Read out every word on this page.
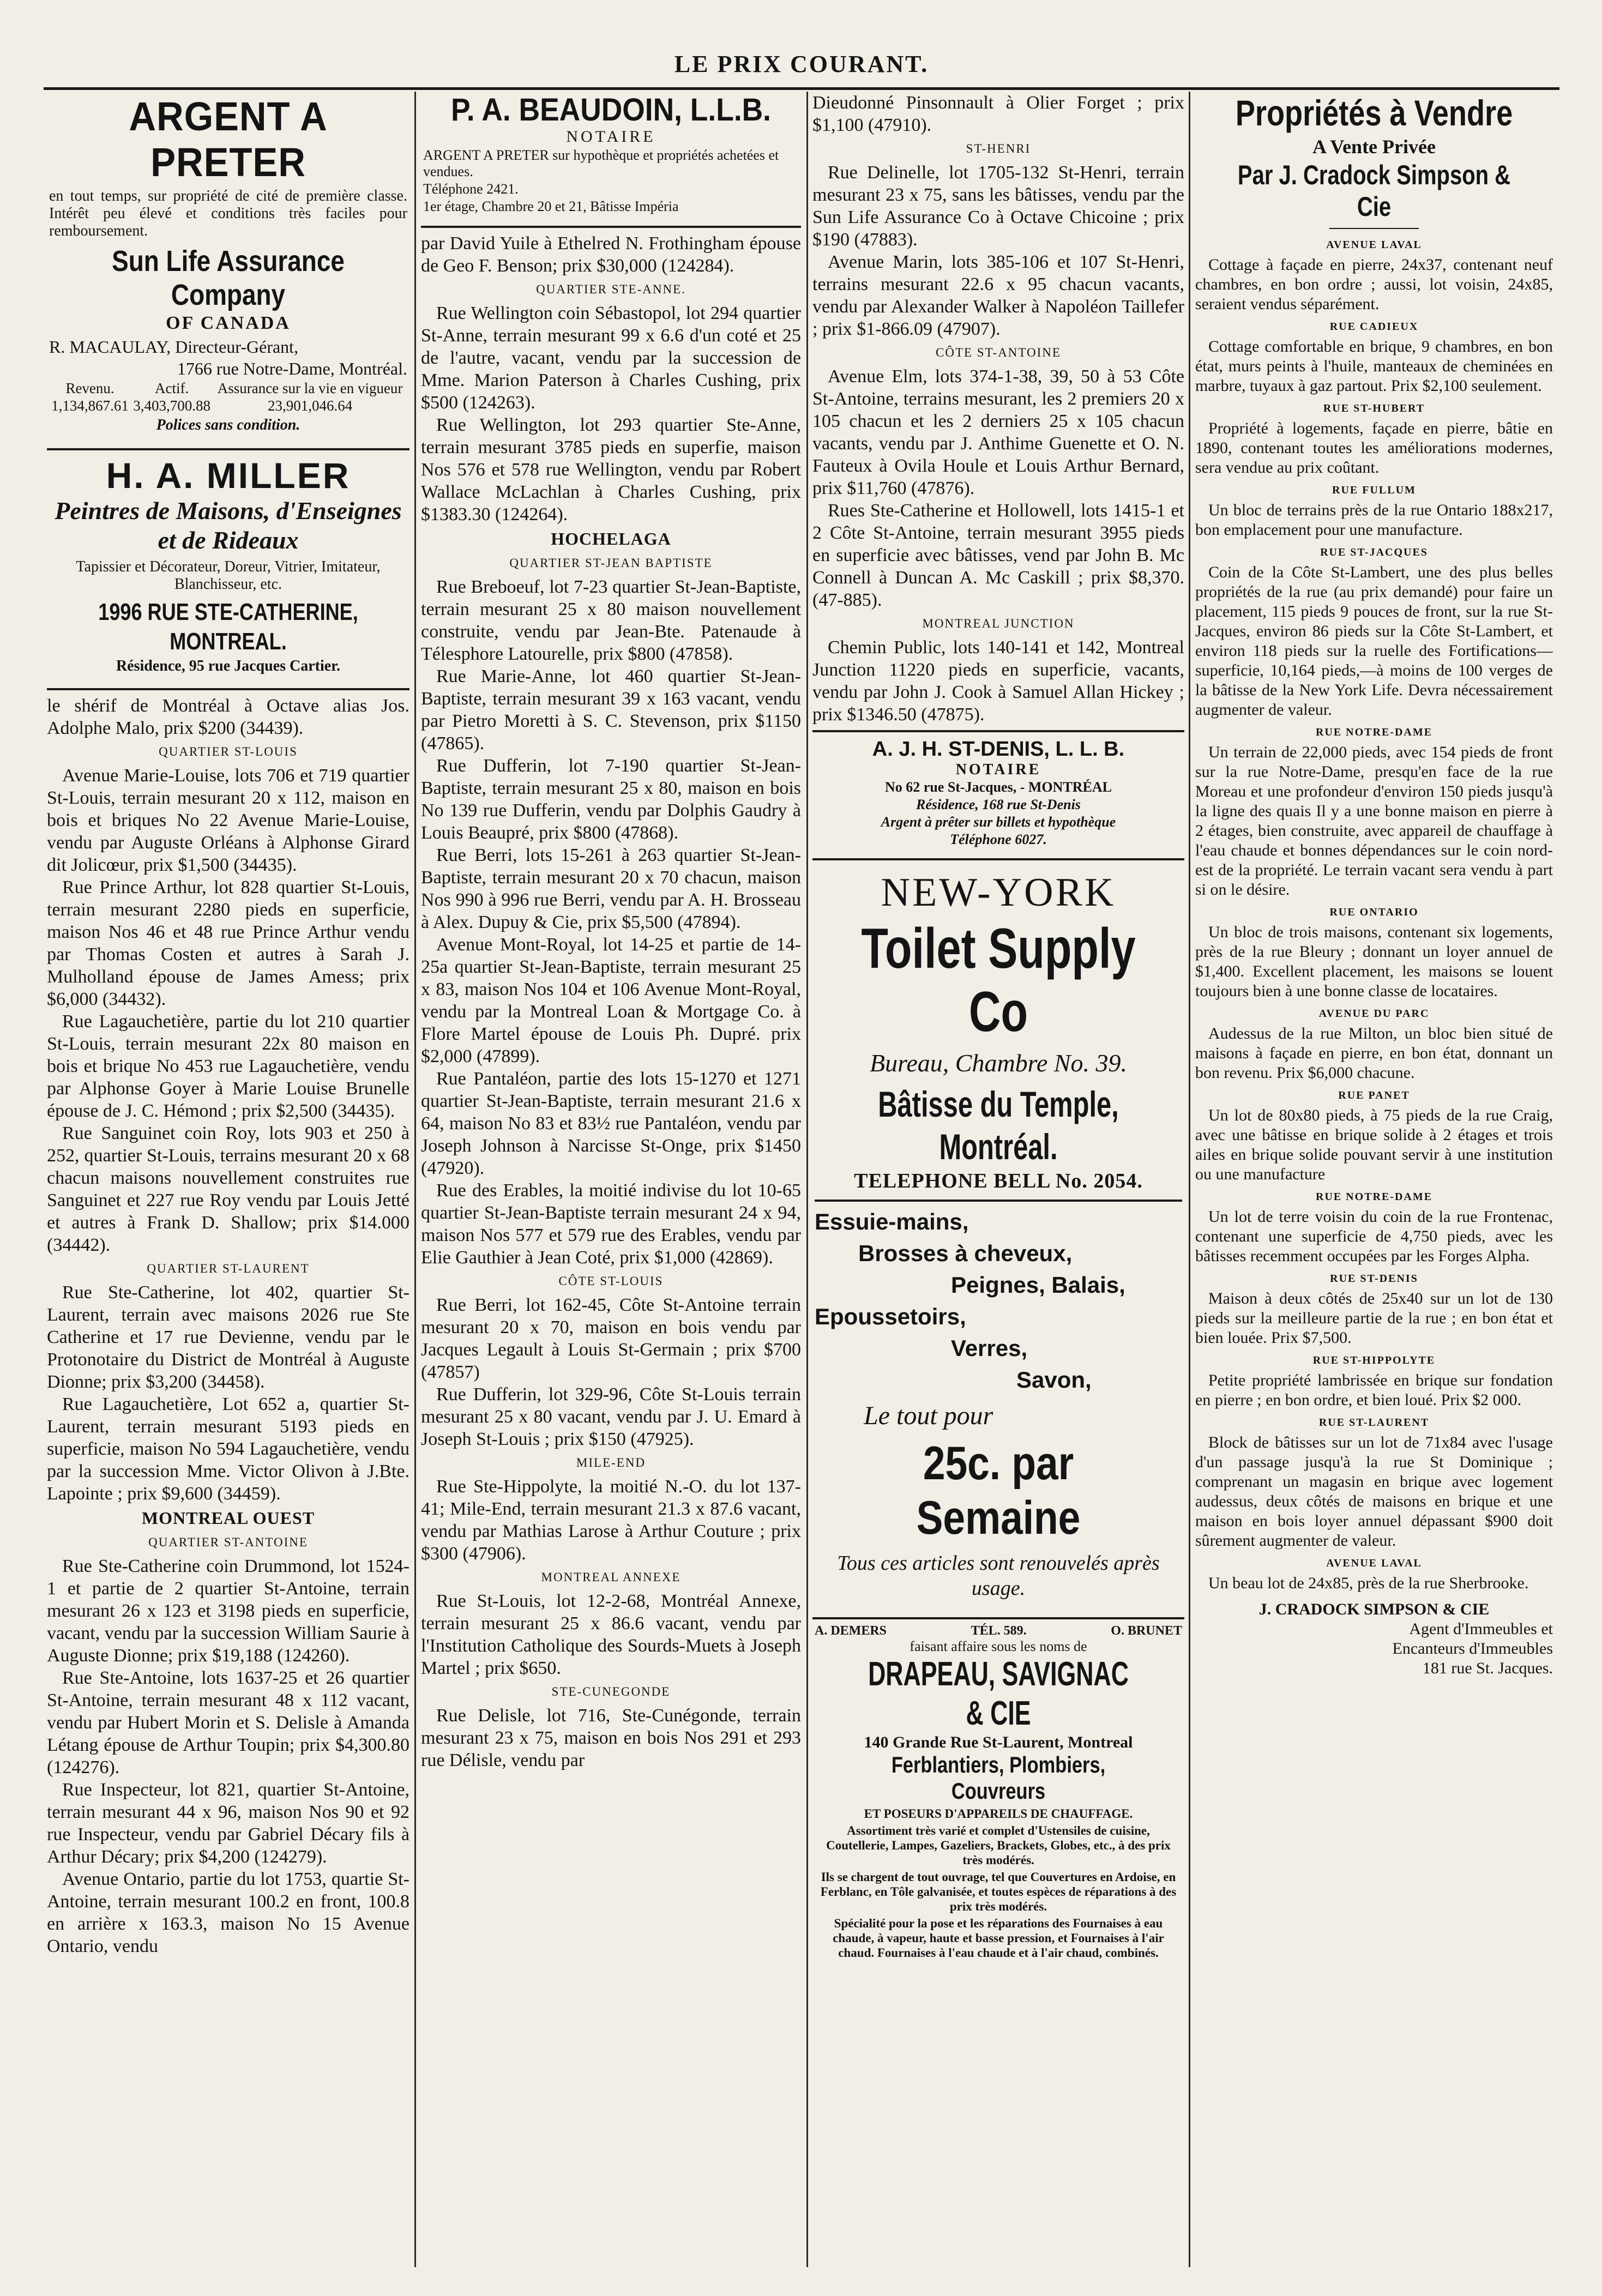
LE PRIX COURANT.
ARGENT A PRETER
en tout temps, sur propriété de cité de première classe. Intérêt peu élevé et conditions très faciles pour remboursement.
Sun Life Assurance Company
OF CANADA
R. MACAULAY, Directeur-Gérant,
1766 rue Notre-Dame, Montréal.
Revenu.	Actif.	Assurance sur la vie en vigueur
1,134,867.61	3,403,700.88	23,901,046.64
Polices sans condition.
H. A. MILLER
Peintres de Maisons, d'Enseignes et de Rideaux
Tapissier et Décorateur, Doreur, Vitrier, Imitateur, Blanchisseur, etc.
1996 RUE STE-CATHERINE, MONTREAL.
Résidence, 95 rue Jacques Cartier.

le shérif de Montréal à Octave alias Jos. Adolphe Malo, prix $200 (34439).

QUARTIER ST-LOUIS

Avenue Marie-Louise, lots 706 et 719 quartier St-Louis, terrain mesurant 20 x 112, maison en bois et briques No 22 Avenue Marie-Louise, vendu par Auguste Orléans à Alphonse Girard dit Jolicœur, prix $1,500 (34435).

Rue Prince Arthur, lot 828 quartier St-Louis, terrain mesurant 2280 pieds en superficie, maison Nos 46 et 48 rue Prince Arthur vendu par Thomas Costen et autres à Sarah J. Mulholland épouse de James Amess; prix $6,000 (34432).

Rue Lagauchetière, partie du lot 210 quartier St-Louis, terrain mesurant 22x 80 maison en bois et brique No 453 rue Lagauchetière, vendu par Alphonse Goyer à Marie Louise Brunelle épouse de J. C. Hémond ; prix $2,500 (34435).

Rue Sanguinet coin Roy, lots 903 et 250 à 252, quartier St-Louis, terrains mesurant 20 x 68 chacun maisons nouvellement construites rue Sanguinet et 227 rue Roy vendu par Louis Jetté et autres à Frank D. Shallow; prix $14.000 (34442).

QUARTIER ST-LAURENT

Rue Ste-Catherine, lot 402, quartier St-Laurent, terrain avec maisons 2026 rue Ste Catherine et 17 rue Devienne, vendu par le Protonotaire du District de Montréal à Auguste Dionne; prix $3,200 (34458).

Rue Lagauchetière, Lot 652 a, quartier St-Laurent, terrain mesurant 5193 pieds en superficie, maison No 594 Lagauchetière, vendu par la succession Mme. Victor Olivon à J.Bte. Lapointe ; prix $9,600 (34459).

MONTREAL OUEST
QUARTIER ST-ANTOINE

Rue Ste-Catherine coin Drummond, lot 1524-1 et partie de 2 quartier St-Antoine, terrain mesurant 26 x 123 et 3198 pieds en superficie, vacant, vendu par la succession William Saurie à Auguste Dionne; prix $19,188 (124260).

Rue Ste-Antoine, lots 1637-25 et 26 quartier St-Antoine, terrain mesurant 48 x 112 vacant, vendu par Hubert Morin et S. Delisle à Amanda Létang épouse de Arthur Toupin; prix $4,300.80 (124276).

Rue Inspecteur, lot 821, quartier St-Antoine, terrain mesurant 44 x 96, maison Nos 90 et 92 rue Inspecteur, vendu par Gabriel Décary fils à Arthur Décary; prix $4,200 (124279).

Avenue Ontario, partie du lot 1753, quartie St-Antoine, terrain mesurant 100.2 en front, 100.8 en arrière x 163.3, maison No 15 Avenue Ontario, vendu

P. A. BEAUDOIN, L.L.B.
NOTAIRE
ARGENT A PRETER sur hypothèque et propriétés achetées et vendues.
Téléphone 2421.
1er étage, Chambre 20 et 21, Bâtisse Impéria

par David Yuile à Ethelred N. Frothingham épouse de Geo F. Benson; prix $30,000 (124284).

QUARTIER STE-ANNE.

Rue Wellington coin Sébastopol, lot 294 quartier St-Anne, terrain mesurant 99 x 6.6 d'un coté et 25 de l'autre, vacant, vendu par la succession de Mme. Marion Paterson à Charles Cushing, prix $500 (124263).

Rue Wellington, lot 293 quartier Ste-Anne, terrain mesurant 3785 pieds en superfie, maison Nos 576 et 578 rue Wellington, vendu par Robert Wallace McLachlan à Charles Cushing, prix $1383.30 (124264).

HOCHELAGA
QUARTIER ST-JEAN BAPTISTE

Rue Breboeuf, lot 7-23 quartier St-Jean-Baptiste, terrain mesurant 25 x 80 maison nouvellement construite, vendu par Jean-Bte. Patenaude à Télesphore Latourelle, prix $800 (47858).

Rue Marie-Anne, lot 460 quartier St-Jean-Baptiste, terrain mesurant 39 x 163 vacant, vendu par Pietro Moretti à S. C. Stevenson, prix $1150 (47865).

Rue Dufferin, lot 7-190 quartier St-Jean-Baptiste, terrain mesurant 25 x 80, maison en bois No 139 rue Dufferin, vendu par Dolphis Gaudry à Louis Beaupré, prix $800 (47868).

Rue Berri, lots 15-261 à 263 quartier St-Jean-Baptiste, terrain mesurant 20 x 70 chacun, maison Nos 990 à 996 rue Berri, vendu par A. H. Brosseau à Alex. Dupuy & Cie, prix $5,500 (47894).

Avenue Mont-Royal, lot 14-25 et partie de 14-25a quartier St-Jean-Baptiste, terrain mesurant 25 x 83, maison Nos 104 et 106 Avenue Mont-Royal, vendu par la Montreal Loan & Mortgage Co. à Flore Martel épouse de Louis Ph. Dupré. prix $2,000 (47899).

Rue Pantaléon, partie des lots 15-1270 et 1271 quartier St-Jean-Baptiste, terrain mesurant 21.6 x 64, maison No 83 et 83½ rue Pantaléon, vendu par Joseph Johnson à Narcisse St-Onge, prix $1450 (47920).

Rue des Erables, la moitié indivise du lot 10-65 quartier St-Jean-Baptiste terrain mesurant 24 x 94, maison Nos 577 et 579 rue des Erables, vendu par Elie Gauthier à Jean Coté, prix $1,000 (42869).

CÔTE ST-LOUIS

Rue Berri, lot 162-45, Côte St-Antoine terrain mesurant 20 x 70, maison en bois vendu par Jacques Legault à Louis St-Germain ; prix $700 (47857)

Rue Dufferin, lot 329-96, Côte St-Louis terrain mesurant 25 x 80 vacant, vendu par J. U. Emard à Joseph St-Louis ; prix $150 (47925).

MILE-END

Rue Ste-Hippolyte, la moitié N.-O. du lot 137-41; Mile-End, terrain mesurant 21.3 x 87.6 vacant, vendu par Mathias Larose à Arthur Couture ; prix $300 (47906).

MONTREAL ANNEXE

Rue St-Louis, lot 12-2-68, Montréal Annexe, terrain mesurant 25 x 86.6 vacant, vendu par l'Institution Catholique des Sourds-Muets à Joseph Martel ; prix $650.

STE-CUNEGONDE

Rue Delisle, lot 716, Ste-Cunégonde, terrain mesurant 23 x 75, maison en bois Nos 291 et 293 rue Délisle, vendu par

Dieudonné Pinsonnault à Olier Forget ; prix $1,100 (47910).

ST-HENRI

Rue Delinelle, lot 1705-132 St-Henri, terrain mesurant 23 x 75, sans les bâtisses, vendu par the Sun Life Assurance Co à Octave Chicoine ; prix $190 (47883).

Avenue Marin, lots 385-106 et 107 St-Henri, terrains mesurant 22.6 x 95 chacun vacants, vendu par Alexander Walker à Napoléon Taillefer ; prix $1-866.09 (47907).

CÔTE ST-ANTOINE

Avenue Elm, lots 374-1-38, 39, 50 à 53 Côte St-Antoine, terrains mesurant, les 2 premiers 20 x 105 chacun et les 2 derniers 25 x 105 chacun vacants, vendu par J. Anthime Guenette et O. N. Fauteux à Ovila Houle et Louis Arthur Bernard, prix $11,760 (47876).

Rues Ste-Catherine et Hollowell, lots 1415-1 et 2 Côte St-Antoine, terrain mesurant 3955 pieds en superficie avec bâtisses, vend par John B. Mc Connell à Duncan A. Mc Caskill ; prix $8,370. (47-885).

MONTREAL JUNCTION

Chemin Public, lots 140-141 et 142, Montreal Junction 11220 pieds en superficie, vacants, vendu par John J. Cook à Samuel Allan Hickey ; prix $1346.50 (47875).

A. J. H. ST-DENIS, L. L. B.
NOTAIRE
No 62 rue St-Jacques, - MONTRÉAL
Résidence, 168 rue St-Denis
Argent à prêter sur billets et hypothèque
Téléphone 6027.
NEW-YORK
Toilet Supply Co
Bureau, Chambre No. 39.
Bâtisse du Temple, Montréal.
TELEPHONE BELL No. 2054.
Essuie-mains,
Brosses à cheveux,
Peignes, Balais,
Epoussetoirs,
Verres,
Savon,
Le tout pour
25c. par Semaine
Tous ces articles sont renouvelés après usage.
A. DEMERS	TÉL. 589.	O. BRUNET
faisant affaire sous les noms de
DRAPEAU, SAVIGNAC & CIE
140 Grande Rue St-Laurent, Montreal
Ferblantiers, Plombiers, Couvreurs
ET POSEURS D'APPAREILS DE CHAUFFAGE.
Assortiment très varié et complet d'Ustensiles de cuisine, Coutellerie, Lampes, Gazeliers, Brackets, Globes, etc., à des prix très modérés.
Ils se chargent de tout ouvrage, tel que Couvertures en Ardoise, en Ferblanc, en Tôle galvanisée, et toutes espèces de réparations à des prix très modérés.
Spécialité pour la pose et les réparations des Fournaises à eau chaude, à vapeur, haute et basse pression, et Fournaises à l'air chaud. Fournaises à l'eau chaude et à l'air chaud, combinés.
Propriétés à Vendre
A Vente Privée
Par J. Cradock Simpson & Cie
AVENUE LAVAL

Cottage à façade en pierre, 24x37, contenant neuf chambres, en bon ordre ; aussi, lot voisin, 24x85, seraient vendus séparément.

RUE CADIEUX

Cottage comfortable en brique, 9 chambres, en bon état, murs peints à l'huile, manteaux de cheminées en marbre, tuyaux à gaz partout. Prix $2,100 seulement.

RUE ST-HUBERT

Propriété à logements, façade en pierre, bâtie en 1890, contenant toutes les améliorations modernes, sera vendue au prix coûtant.

RUE FULLUM

Un bloc de terrains près de la rue Ontario 188x217, bon emplacement pour une manufacture.

RUE ST-JACQUES

Coin de la Côte St-Lambert, une des plus belles propriétés de la rue (au prix demandé) pour faire un placement, 115 pieds 9 pouces de front, sur la rue St-Jacques, environ 86 pieds sur la Côte St-Lambert, et environ 118 pieds sur la ruelle des Fortifications—superficie, 10,164 pieds,—à moins de 100 verges de la bâtisse de la New York Life. Devra nécessairement augmenter de valeur.

RUE NOTRE-DAME

Un terrain de 22,000 pieds, avec 154 pieds de front sur la rue Notre-Dame, presqu'en face de la rue Moreau et une profondeur d'environ 150 pieds jusqu'à la ligne des quais Il y a une bonne maison en pierre à 2 étages, bien construite, avec appareil de chauffage à l'eau chaude et bonnes dépendances sur le coin nord-est de la propriété. Le terrain vacant sera vendu à part si on le désire.

RUE ONTARIO

Un bloc de trois maisons, contenant six logements, près de la rue Bleury ; donnant un loyer annuel de $1,400. Excellent placement, les maisons se louent toujours bien à une bonne classe de locataires.

AVENUE DU PARC

Audessus de la rue Milton, un bloc bien situé de maisons à façade en pierre, en bon état, donnant un bon revenu. Prix $6,000 chacune.

RUE PANET

Un lot de 80x80 pieds, à 75 pieds de la rue Craig, avec une bâtisse en brique solide à 2 étages et trois ailes en brique solide pouvant servir à une institution ou une manufacture

RUE NOTRE-DAME

Un lot de terre voisin du coin de la rue Frontenac, contenant une superficie de 4,750 pieds, avec les bâtisses recemment occupées par les Forges Alpha.

RUE ST-DENIS

Maison à deux côtés de 25x40 sur un lot de 130 pieds sur la meilleure partie de la rue ; en bon état et bien louée. Prix $7,500.

RUE ST-HIPPOLYTE

Petite propriété lambrissée en brique sur fondation en pierre ; en bon ordre, et bien loué. Prix $2 000.

RUE ST-LAURENT

Block de bâtisses sur un lot de 71x84 avec l'usage d'un passage jusqu'à la rue St Dominique ; comprenant un magasin en brique avec logement audessus, deux côtés de maisons en brique et une maison en bois loyer annuel dépassant $900 doit sûrement augmenter de valeur.

AVENUE LAVAL

Un beau lot de 24x85, près de la rue Sherbrooke.

J. CRADOCK SIMPSON & CIE
Agent d'Immeubles et
Encanteurs d'Immeubles
181 rue St. Jacques.
